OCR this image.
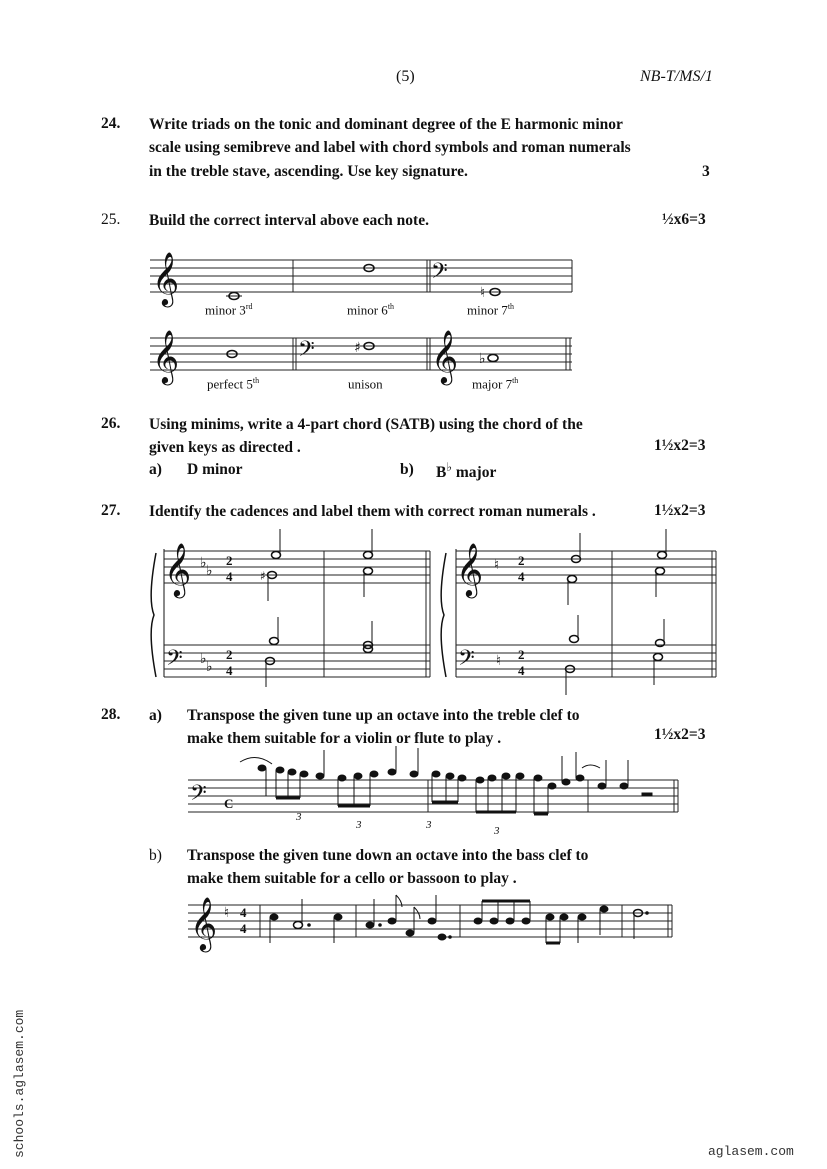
(5)	NB-T/MS/1
24. Write triads on the tonic and dominant degree of the E harmonic minor
scale using semibreve and label with chord symbols and roman numerals
in the treble stave, ascending. Use key signature.	3
25. Build the correct interval above each note.	½x6=3
𝄞	𝄢
♮
minor 3rd	minor 6th	minor 7th
𝄞	𝄢	♯ 𝄞 ♭
perfect 5th	unison	major 7th
26. Using minims, write a 4-part chord (SATB) using the chord of the
given keys as directed .	1½x2=3
a) D minor	b) B♭ major
27. Identify the cadences and label them with correct roman numerals .	1½x2=3
𝄞 ♭ ♭
2
4 ♯
𝄢 ♭ ♭
2
4
𝄞 ♮ 2
4
𝄢 ♮ 2
4
28. a) Transpose the given tune up an octave into the treble clef to
make them suitable for a violin or flute to play .	1½x2=3
𝄢 C
3
3	3	3
b) Transpose the given tune down an octave into the bass clef to
make them suitable for a cello or bassoon to play .
𝄞 ♮ 4
4
schools.aglasem.com	aglasem.com
